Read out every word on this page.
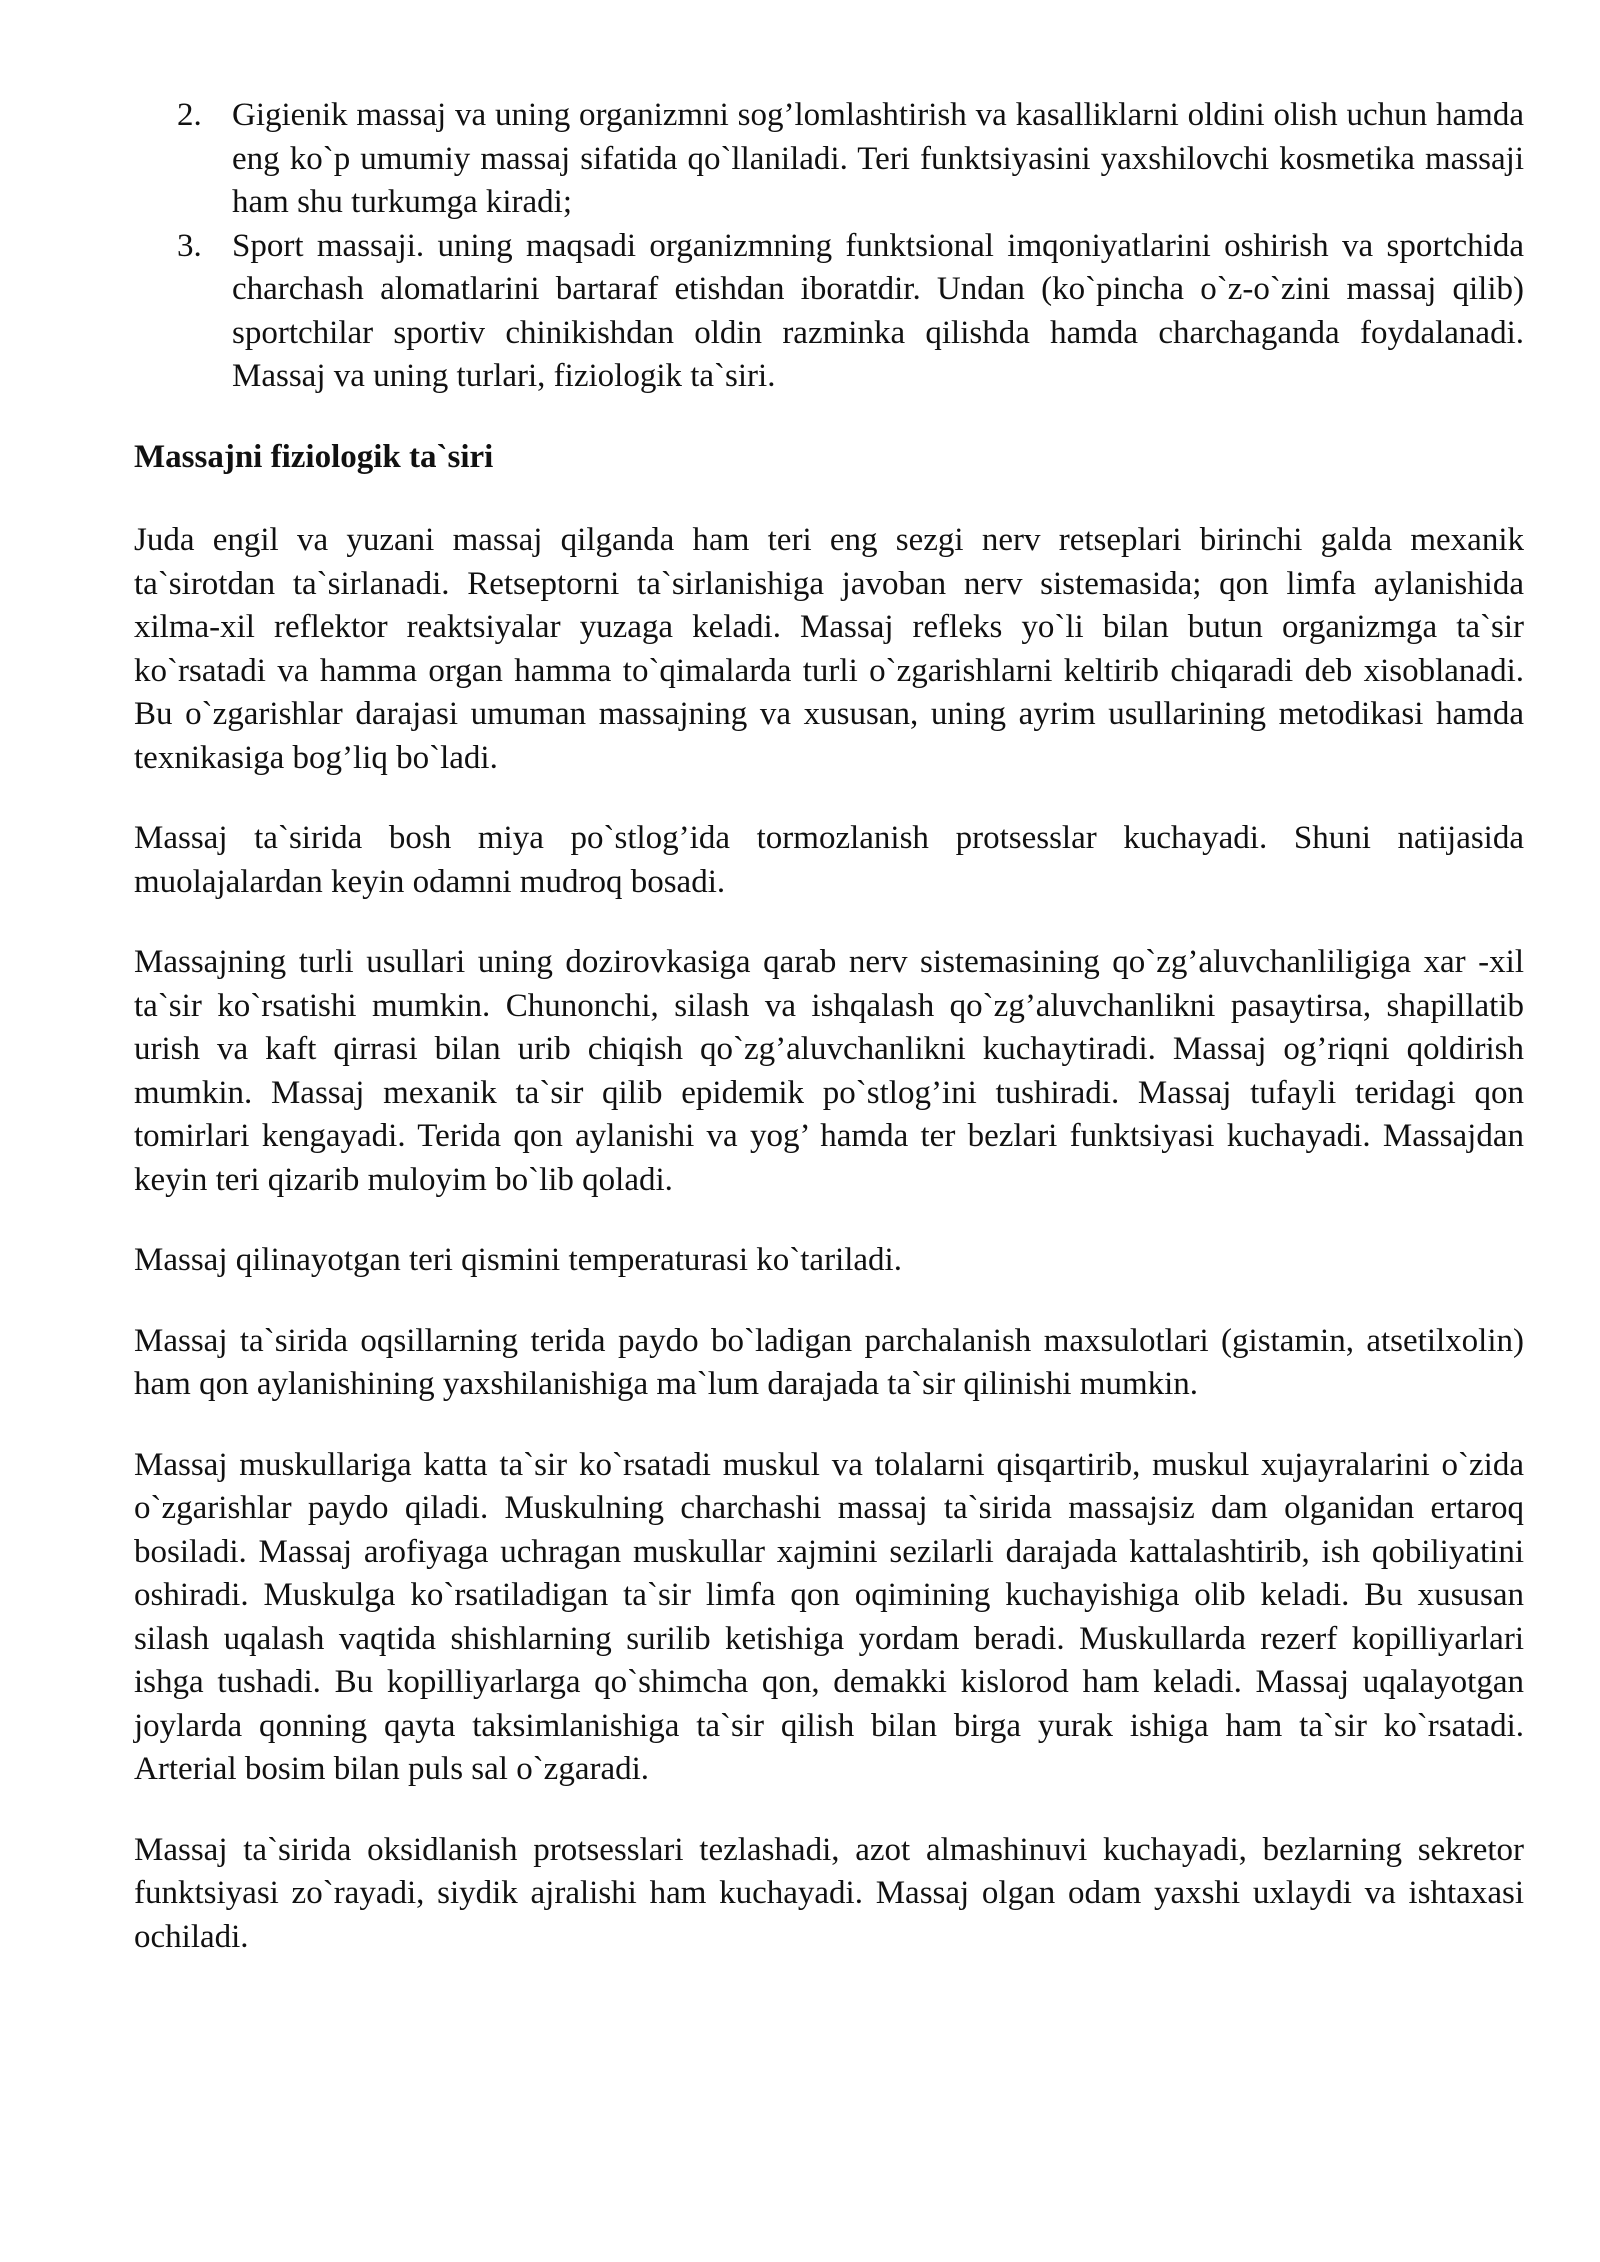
2. Gigienik massaj va uning organizmni sog’lomlashtirish va kasalliklarni oldini olish uchun hamda eng ko`p umumiy massaj sifatida qo`llaniladi. Teri funktsiyasini yaxshilovchi kosmetika massaji ham shu turkumga kiradi;
3. Sport massaji. uning maqsadi organizmning funktsional imqoniyatlarini oshirish va sportchida charchash alomatlarini bartaraf etishdan iboratdir. Undan (ko`pincha o`z-o`zini massaj qilib) sportchilar sportiv chinikishdan oldin razminka qilishda hamda charchaganda foydalanadi. Massaj va uning turlari, fiziologik ta`siri.
Massajni fiziologik ta`siri

Juda engil va yuzani massaj qilganda ham teri eng sezgi nerv retseplari birinchi galda mexanik ta`sirotdan ta`sirlanadi. Retseptorni ta`sirlanishiga javoban nerv sistemasida; qon limfa aylanishida xilma-xil reflektor reaktsiyalar yuzaga keladi. Massaj refleks yo`li bilan butun organizmga ta`sir ko`rsatadi va hamma organ hamma to`qimalarda turli o`zgarishlarni keltirib chiqaradi deb xisoblanadi. Bu o`zgarishlar darajasi umuman massajning va xususan, uning ayrim usullarining metodikasi hamda texnikasiga bog’liq bo`ladi.

Massaj ta`sirida bosh miya po`stlog’ida tormozlanish protsesslar kuchayadi. Shuni natijasida muolajalardan keyin odamni mudroq bosadi.

Massajning turli usullari uning dozirovkasiga qarab nerv sistemasining qo`zg’aluvchanliligiga xar -xil ta`sir ko`rsatishi mumkin. Chunonchi, silash va ishqalash qo`zg’aluvchanlikni pasaytirsa, shapillatib urish va kaft qirrasi bilan urib chiqish qo`zg’aluvchanlikni kuchaytiradi. Massaj og’riqni qoldirish mumkin. Massaj mexanik ta`sir qilib epidemik po`stlog’ini tushiradi. Massaj tufayli teridagi qon tomirlari kengayadi. Terida qon aylanishi va yog’ hamda ter bezlari funktsiyasi kuchayadi. Massajdan keyin teri qizarib muloyim bo`lib qoladi.

Massaj qilinayotgan teri qismini temperaturasi ko`tariladi.

Massaj ta`sirida oqsillarning terida paydo bo`ladigan parchalanish maxsulotlari (gistamin, atsetilxolin) ham qon aylanishining yaxshilanishiga ma`lum darajada ta`sir qilinishi mumkin.

Massaj muskullariga katta ta`sir ko`rsatadi muskul va tolalarni qisqartirib, muskul xujayralarini o`zida o`zgarishlar paydo qiladi. Muskulning charchashi massaj ta`sirida massajsiz dam olganidan ertaroq bosiladi. Massaj arofiyaga uchragan muskullar xajmini sezilarli darajada kattalashtirib, ish qobiliyatini oshiradi. Muskulga ko`rsatiladigan ta`sir limfa qon oqimining kuchayishiga olib keladi. Bu xususan silash uqalash vaqtida shishlarning surilib ketishiga yordam beradi. Muskullarda rezerf kopilliyarlari ishga tushadi. Bu kopilliyarlarga qo`shimcha qon, demakki kislorod ham keladi. Massaj uqalayotgan joylarda qonning qayta taksimlanishiga ta`sir qilish bilan birga yurak ishiga ham ta`sir ko`rsatadi. Arterial bosim bilan puls sal o`zgaradi.

Massaj ta`sirida oksidlanish protsesslari tezlashadi, azot almashinuvi kuchayadi, bezlarning sekretor funktsiyasi zo`rayadi, siydik ajralishi ham kuchayadi. Massaj olgan odam yaxshi uxlaydi va ishtaxasi ochiladi.
